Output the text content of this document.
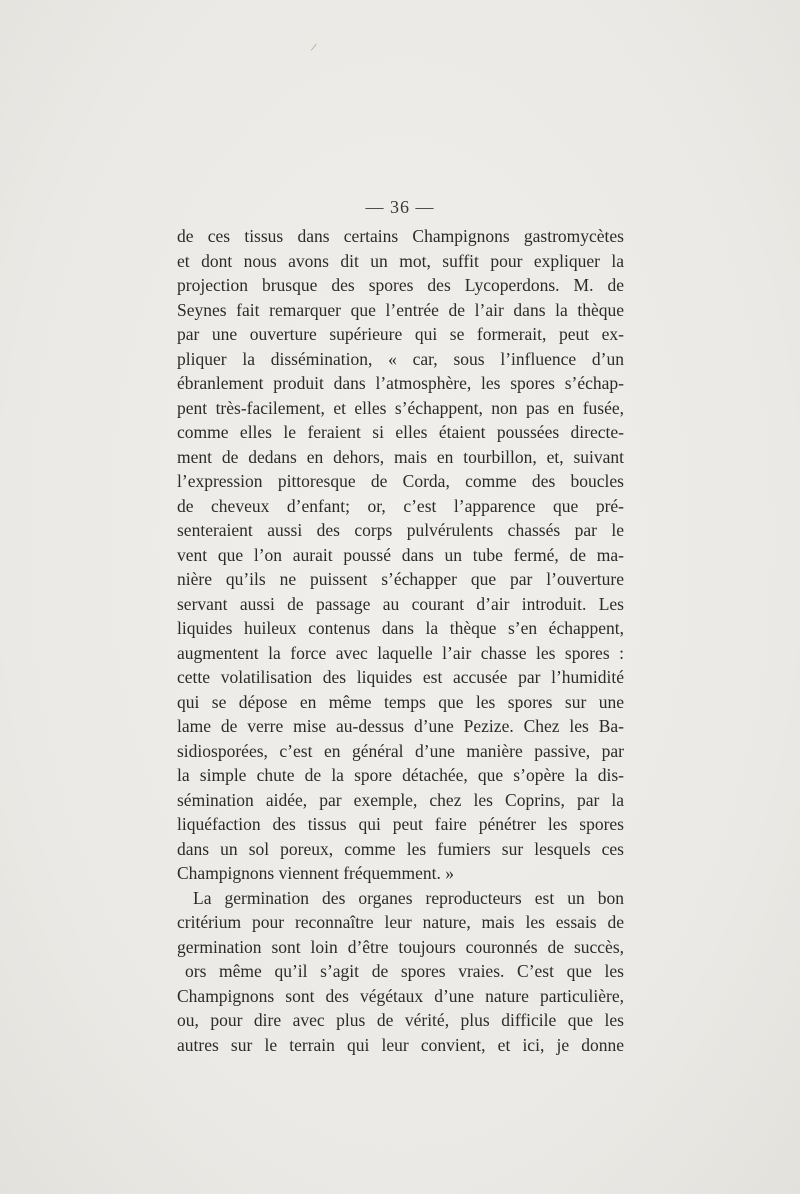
/
— 36 —
de ces tissus dans certains Champignons gastromycètes
et dont nous avons dit un mot, suffit pour expliquer la
projection brusque des spores des Lycoperdons. M. de
Seynes fait remarquer que l’entrée de l’air dans la thèque
par une ouverture supérieure qui se formerait, peut ex-
pliquer la dissémination, « car, sous l’influence d’un
ébranlement produit dans l’atmosphère, les spores s’échap-
pent très-facilement, et elles s’échappent, non pas en fusée,
comme elles le feraient si elles étaient poussées directe-
ment de dedans en dehors, mais en tourbillon, et, suivant
l’expression pittoresque de Corda, comme des boucles
de cheveux d’enfant; or, c’est l’apparence que pré-
senteraient aussi des corps pulvérulents chassés par le
vent que l’on aurait poussé dans un tube fermé, de ma-
nière qu’ils ne puissent s’échapper que par l’ouverture
servant aussi de passage au courant d’air introduit. Les
liquides huileux contenus dans la thèque s’en échappent,
augmentent la force avec laquelle l’air chasse les spores :
cette volatilisation des liquides est accusée par l’humidité
qui se dépose en même temps que les spores sur une
lame de verre mise au-dessus d’une Pezize. Chez les Ba-
sidiosporées, c’est en général d’une manière passive, par
la simple chute de la spore détachée, que s’opère la dis-
sémination aidée, par exemple, chez les Coprins, par la
liquéfaction des tissus qui peut faire pénétrer les spores
dans un sol poreux, comme les fumiers sur lesquels ces
Champignons viennent fréquemment. »
La germination des organes reproducteurs est un bon
critérium pour reconnaître leur nature, mais les essais de
germination sont loin d’être toujours couronnés de succès,
ors même qu’il s’agit de spores vraies. C’est que les
Champignons sont des végétaux d’une nature particulière,
ou, pour dire avec plus de vérité, plus difficile que les
autres sur le terrain qui leur convient, et ici, je donne
